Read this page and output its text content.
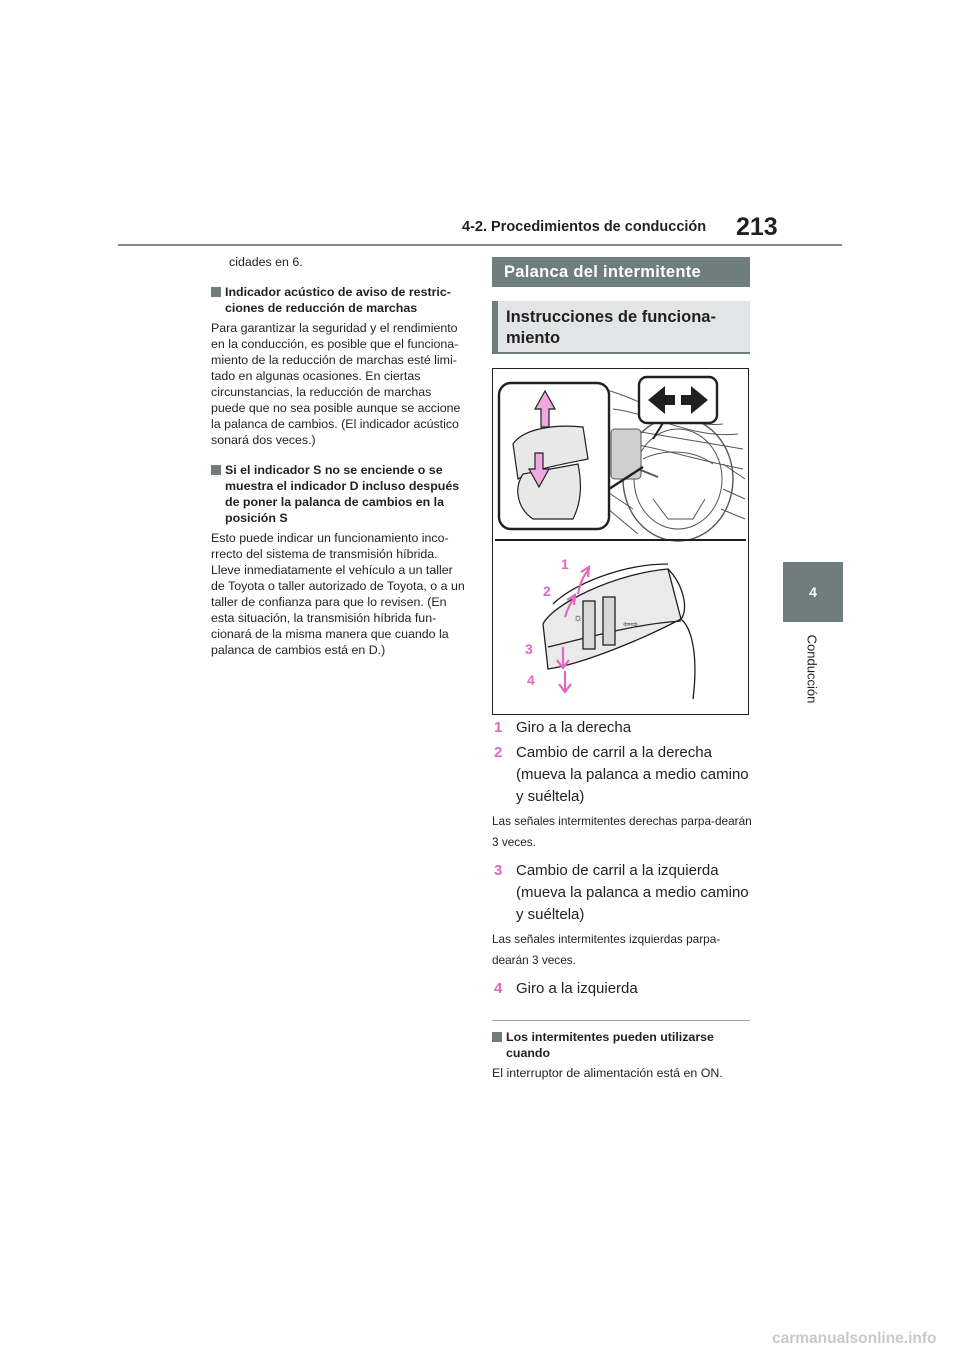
4-2. Procedimientos de conducción 213
4
Conducción

cidades en 6.

Indicador acústico de aviso de restric-ciones de reducción de marchas

Para garantizar la seguridad y el rendimiento en la conducción, es posible que el funciona-miento de la reducción de marchas esté limi-tado en algunas ocasiones. En ciertas circunstancias, la reducción de marchas puede que no sea posible aunque se accione la palanca de cambios. (El indicador acústico sonará dos veces.)

Si el indicador S no se enciende o se muestra el indicador D incluso después de poner la palanca de cambios en la posición S

Esto puede indicar un funcionamiento inco-rrecto del sistema de transmisión híbrida. Lleve inmediatamente el vehículo a un taller de Toyota o taller autorizado de Toyota, o a un taller de confianza para que lo revisen. (En esta situación, la transmisión híbrida fun-cionará de la misma manera que cuando la palanca de cambios está en D.)

Palanca del intermitente
Instrucciones de funciona-miento
☼	⇦⇨
1
2
3
4

1 Giro a la derecha

2 Cambio de carril a la derecha (mueva la palanca a medio camino y suéltela)

Las señales intermitentes derechas parpa-dearán 3 veces.

3 Cambio de carril a la izquierda (mueva la palanca a medio camino y suéltela)

Las señales intermitentes izquierdas parpa-dearán 3 veces.

4 Giro a la izquierda

Los intermitentes pueden utilizarse cuando

El interruptor de alimentación está en ON.

carmanualsonline.info
